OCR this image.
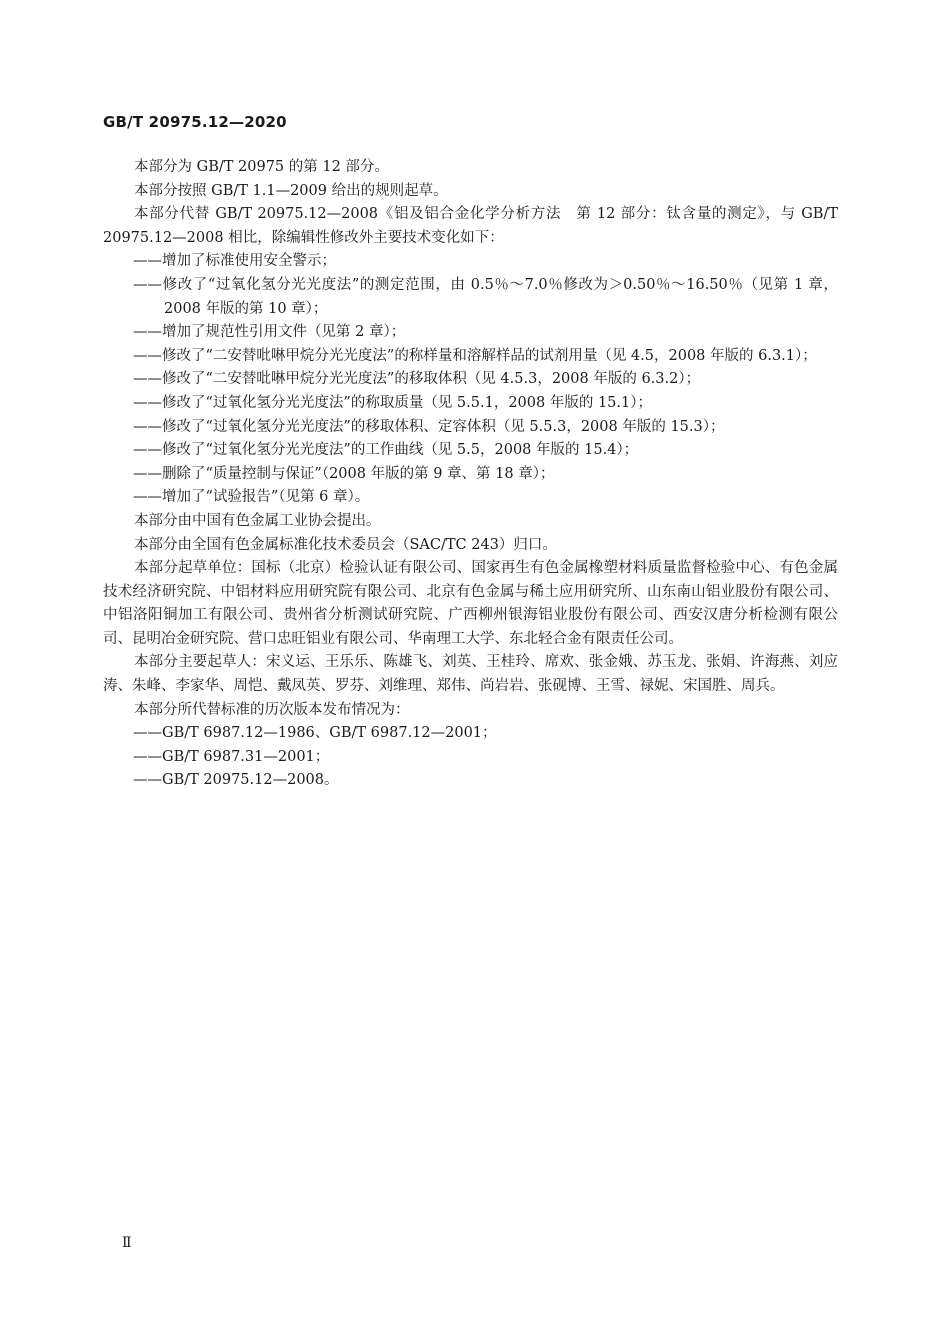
GB/T 20975.12—2020

本部分为 GB/T 20975 的第 12 部分。

本部分按照 GB/T 1.1—2009 给出的规则起草。

本部分代替 GB/T 20975.12—2008《铝及铝合金化学分析方法　第 12 部分：钛含量的测定》，与 GB/T 20975.12—2008 相比，除编辑性修改外主要技术变化如下：

——增加了标准使用安全警示；

——修改了“过氧化氢分光光度法”的测定范围，由 0.5％～7.0％修改为＞0.50％～16.50％（见第 1 章，2008 年版的第 10 章）；

——增加了规范性引用文件（见第 2 章）；

——修改了“二安替吡啉甲烷分光光度法”的称样量和溶解样品的试剂用量（见 4.5，2008 年版的 6.3.1）；

——修改了“二安替吡啉甲烷分光光度法”的移取体积（见 4.5.3，2008 年版的 6.3.2）；

——修改了“过氧化氢分光光度法”的称取质量（见 5.5.1，2008 年版的 15.1）；

——修改了“过氧化氢分光光度法”的移取体积、定容体积（见 5.5.3，2008 年版的 15.3）；

——修改了“过氧化氢分光光度法”的工作曲线（见 5.5，2008 年版的 15.4）；

——删除了“质量控制与保证”（2008 年版的第 9 章、第 18 章）；

——增加了“试验报告”（见第 6 章）。

本部分由中国有色金属工业协会提出。

本部分由全国有色金属标准化技术委员会（SAC/TC 243）归口。

本部分起草单位：国标（北京）检验认证有限公司、国家再生有色金属橡塑材料质量监督检验中心、有色金属技术经济研究院、中铝材料应用研究院有限公司、北京有色金属与稀土应用研究所、山东南山铝业股份有限公司、中铝洛阳铜加工有限公司、贵州省分析测试研究院、广西柳州银海铝业股份有限公司、西安汉唐分析检测有限公司、昆明冶金研究院、营口忠旺铝业有限公司、华南理工大学、东北轻合金有限责任公司。

本部分主要起草人：宋义运、王乐乐、陈雄飞、刘英、王桂玲、席欢、张金娥、苏玉龙、张娟、许海燕、刘应涛、朱峰、李家华、周恺、戴凤英、罗芬、刘维理、郑伟、尚岩岩、张砚博、王雪、禄妮、宋国胜、周兵。

本部分所代替标准的历次版本发布情况为：

——GB/T 6987.12—1986、GB/T 6987.12—2001；

——GB/T 6987.31—2001；

——GB/T 20975.12—2008。

Ⅱ
